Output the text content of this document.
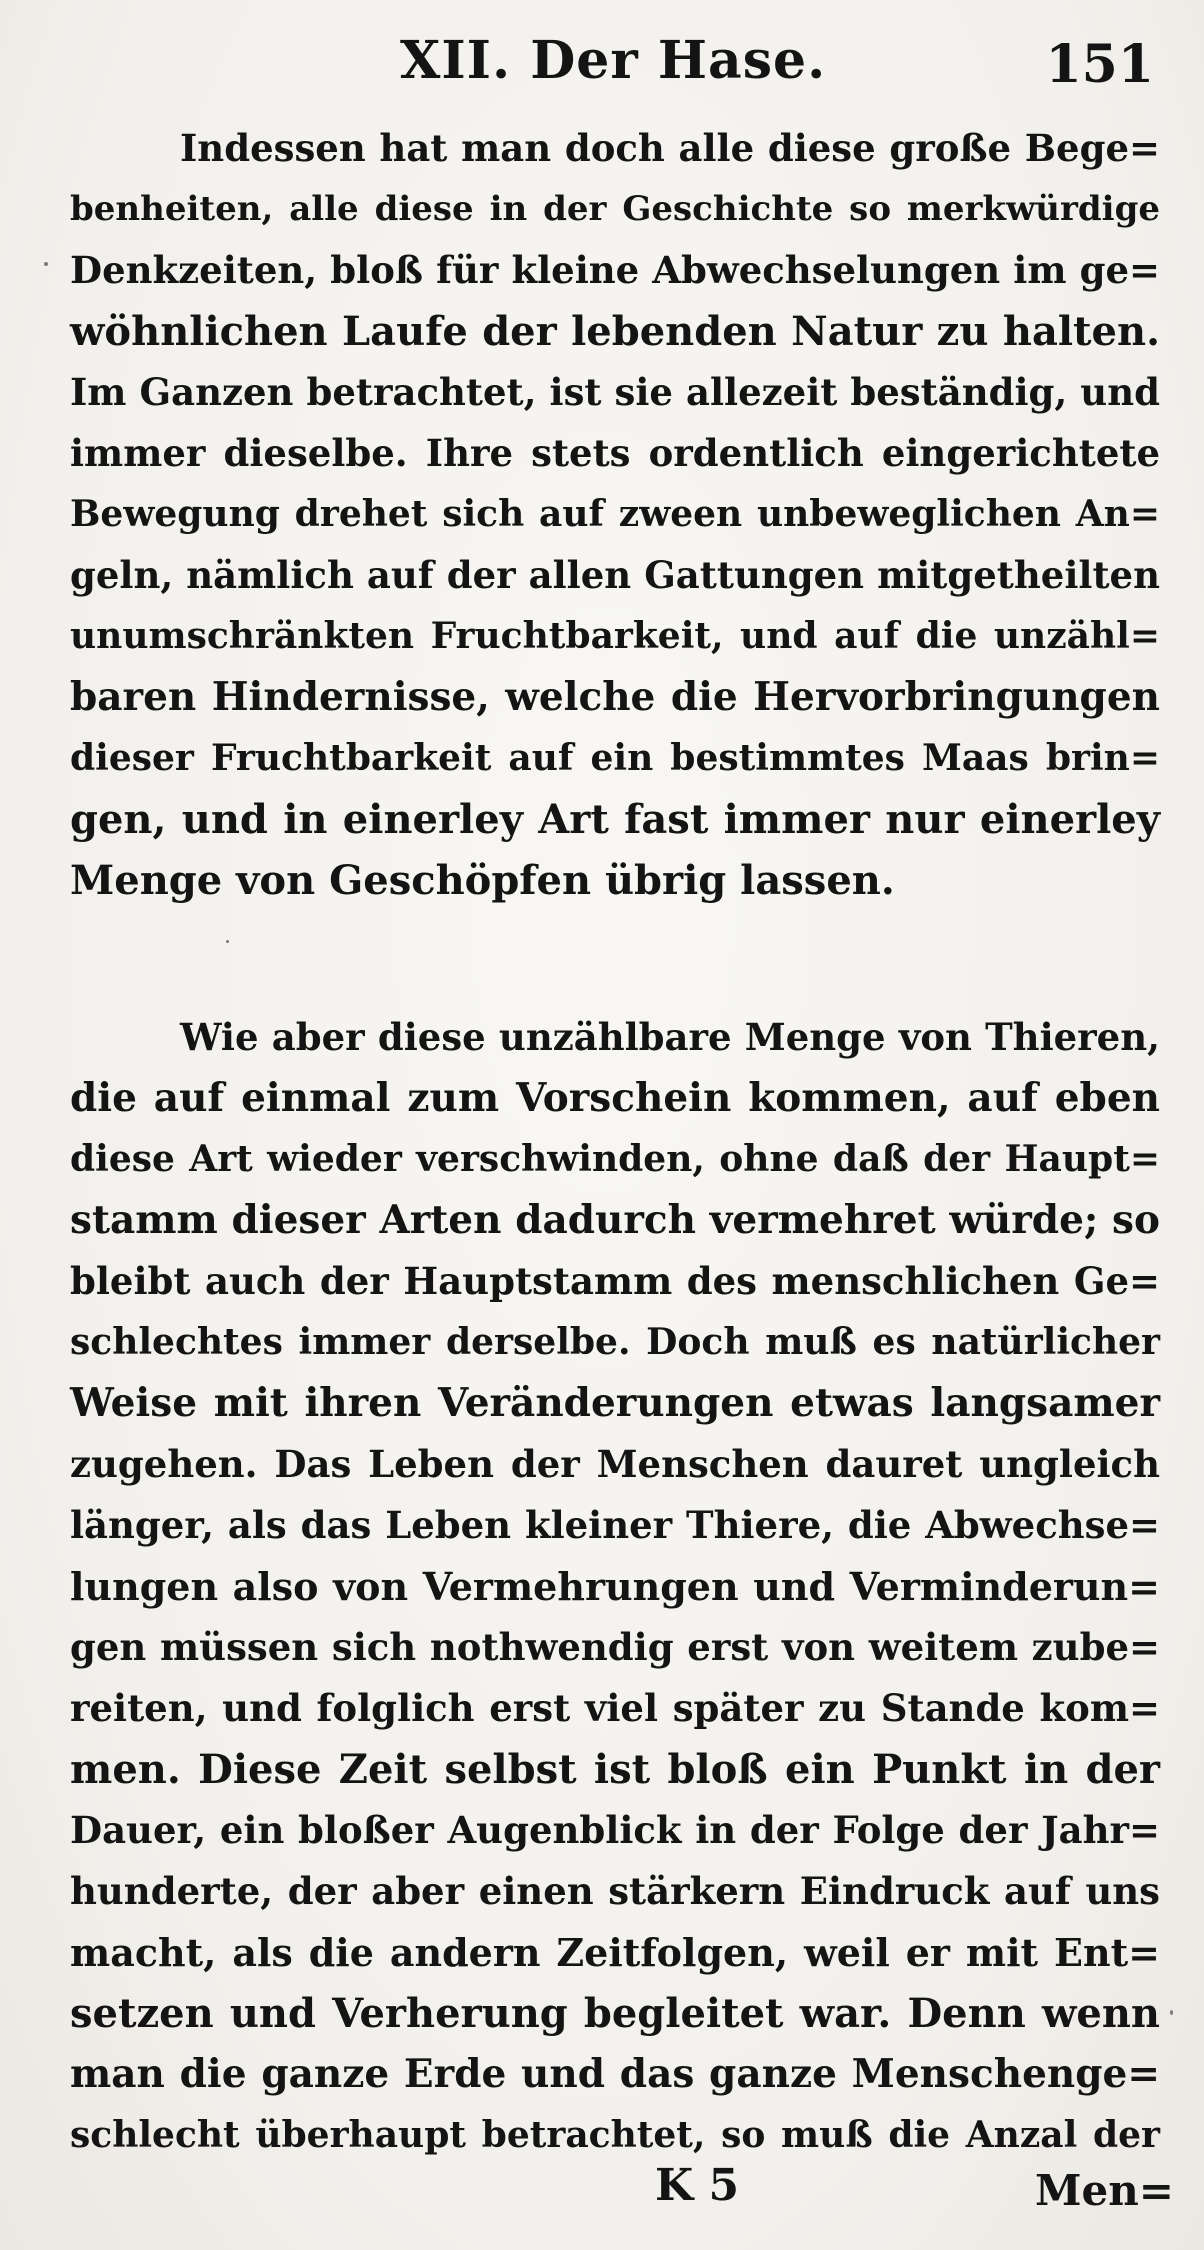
XII. Der Hase.	151
Indessen hat man doch alle diese große Bege=
benheiten, alle diese in der Geschichte so merkwürdige
Denkzeiten, bloß für kleine Abwechselungen im ge=
wöhnlichen Laufe der lebenden Natur zu halten.
Im Ganzen betrachtet, ist sie allezeit beständig, und
immer dieselbe. Ihre stets ordentlich eingerichtete
Bewegung drehet sich auf zween unbeweglichen An=
geln, nämlich auf der allen Gattungen mitgetheilten
unumschränkten Fruchtbarkeit, und auf die unzähl=
baren Hindernisse, welche die Hervorbringungen
dieser Fruchtbarkeit auf ein bestimmtes Maas brin=
gen, und in einerley Art fast immer nur einerley
Menge von Geschöpfen übrig lassen.
Wie aber diese unzählbare Menge von Thieren,
die auf einmal zum Vorschein kommen, auf eben
diese Art wieder verschwinden, ohne daß der Haupt=
stamm dieser Arten dadurch vermehret würde; so
bleibt auch der Hauptstamm des menschlichen Ge=
schlechtes immer derselbe. Doch muß es natürlicher
Weise mit ihren Veränderungen etwas langsamer
zugehen. Das Leben der Menschen dauret ungleich
länger, als das Leben kleiner Thiere, die Abwechse=
lungen also von Vermehrungen und Verminderun=
gen müssen sich nothwendig erst von weitem zube=
reiten, und folglich erst viel später zu Stande kom=
men. Diese Zeit selbst ist bloß ein Punkt in der
Dauer, ein bloßer Augenblick in der Folge der Jahr=
hunderte, der aber einen stärkern Eindruck auf uns
macht, als die andern Zeitfolgen, weil er mit Ent=
setzen und Verherung begleitet war. Denn wenn
man die ganze Erde und das ganze Menschenge=
schlecht überhaupt betrachtet, so muß die Anzal der
K 5	Men=
